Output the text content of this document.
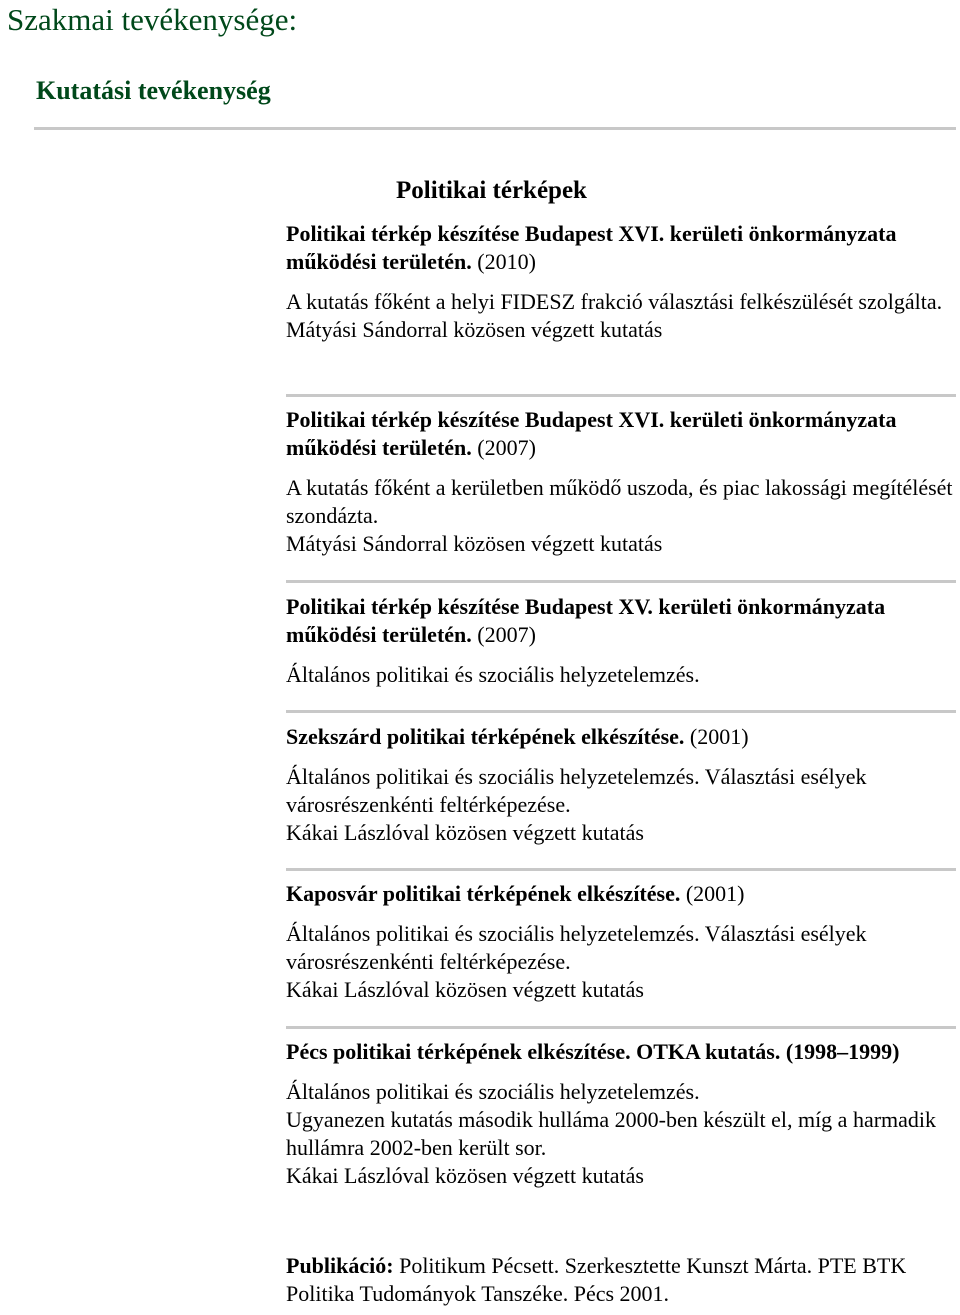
Szakmai tevékenysége:
Kutatási tevékenység
Politikai térképek
Politikai térkép készítése Budapest XVI. kerületi önkormányzata működési területén. (2010)
A kutatás főként a helyi FIDESZ frakció választási felkészülését szolgálta.
Mátyási Sándorral közösen végzett kutatás
Politikai térkép készítése Budapest XVI. kerületi önkormányzata működési területén. (2007)
A kutatás főként a kerületben működő uszoda, és piac lakossági megítélését szondázta.
Mátyási Sándorral közösen végzett kutatás
Politikai térkép készítése Budapest XV. kerületi önkormányzata működési területén. (2007)
Általános politikai és szociális helyzetelemzés.
Szekszárd politikai térképének elkészítése. (2001)
Általános politikai és szociális helyzetelemzés. Választási esélyek városrészenkénti feltérképezése.
Kákai Lászlóval közösen végzett kutatás
Kaposvár politikai térképének elkészítése. (2001)
Általános politikai és szociális helyzetelemzés. Választási esélyek városrészenkénti feltérképezése.
Kákai Lászlóval közösen végzett kutatás
Pécs politikai térképének elkészítése. OTKA kutatás. (1998–1999)
Általános politikai és szociális helyzetelemzés.
Ugyanezen kutatás második hulláma 2000-ben készült el, míg a harmadik hullámra 2002-ben került sor.
Kákai Lászlóval közösen végzett kutatás
Publikáció: Politikum Pécsett. Szerkesztette Kunszt Márta. PTE BTK Politika Tudományok Tanszéke. Pécs 2001.
